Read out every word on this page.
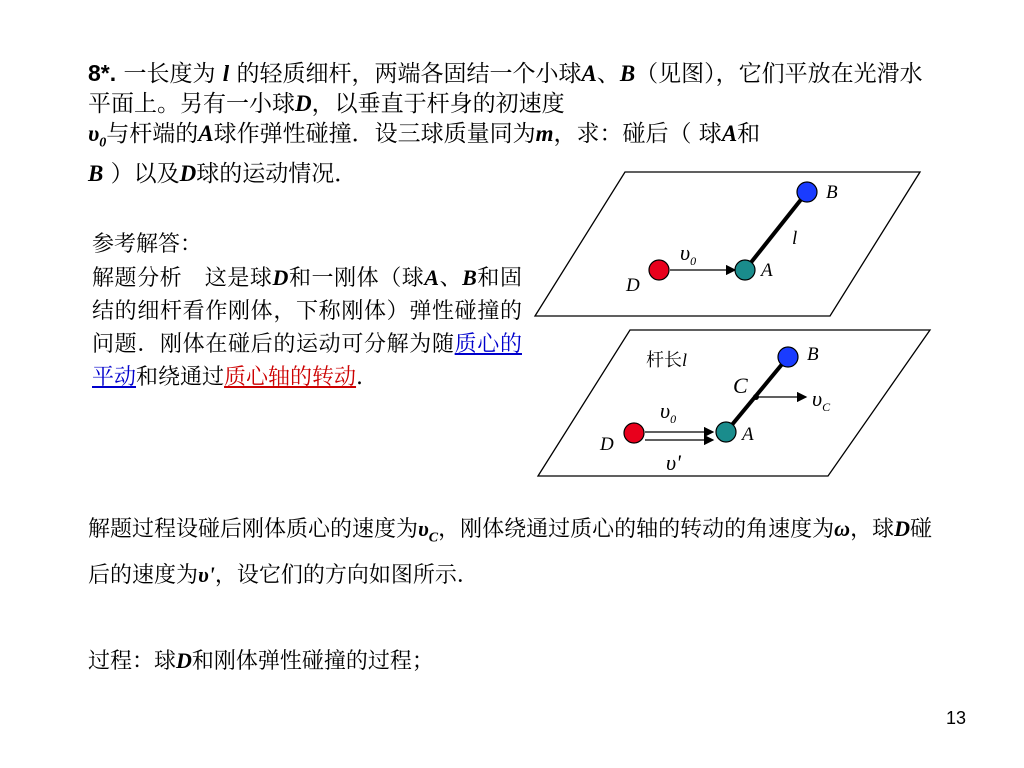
8*. 一长度为 l 的轻质细杆，两端各固结一个小球A、B（见图），它们平放在光滑水平面上。另有一小球D，以垂直于杆身的初速度
$\upsilon_0$与杆端的A球作弹性碰撞．设三球质量同为m，求：碰后（ 球A和
B ）以及D球的运动情况．
参考解答：
解题分析　这是球D和一刚体（球A、B和固结的细杆看作刚体，下称刚体）弹性碰撞的问题．刚体在碰后的运动可分解为随质心的平动和绕通过质心轴的转动.
B
l
$\upsilon_0$	A
D
杆长l	B
C
$\upsilon_C$
$\upsilon_0$
υ'
A
D
解题过程设碰后刚体质心的速度为$\upsilon_C$，刚体绕通过质心的轴的转动的角速度为ω，球D碰后的速度为υ'，设它们的方向如图所示．
过程：球D和刚体弹性碰撞的过程；
13
